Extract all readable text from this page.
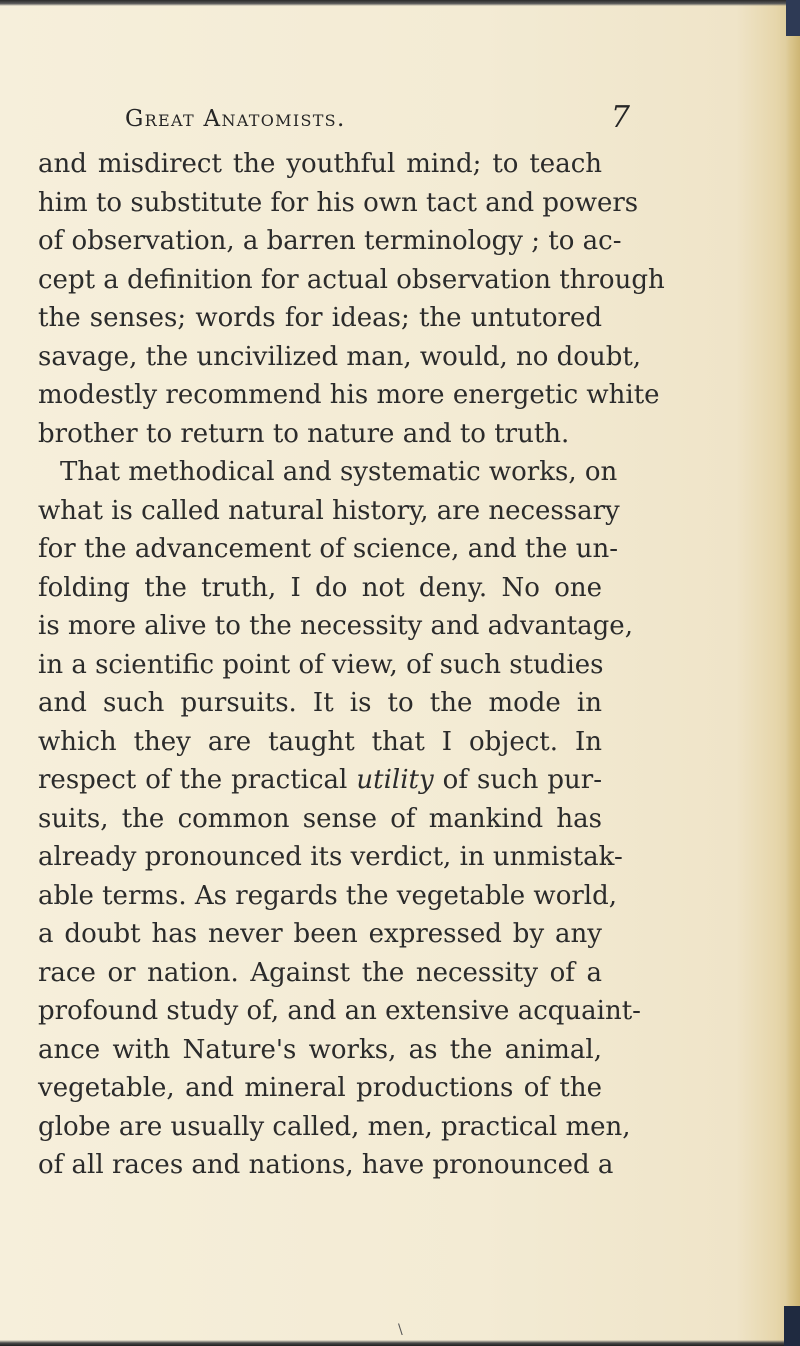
Great Anatomists.	7
and misdirect the youthful mind; to teach
him to substitute for his own tact and powers
of observation, a barren terminology ; to ac-
cept a definition for actual observation through
the senses; words for ideas; the untutored
savage, the uncivilized man, would, no doubt,
modestly recommend his more energetic white
brother to return to nature and to truth.
That methodical and systematic works, on
what is called natural history, are necessary
for the advancement of science, and the un-
folding the truth, I do not deny. No one
is more alive to the necessity and advantage,
in a scientific point of view, of such studies
and such pursuits. It is to the mode in
which they are taught that I object. In
respect of the practical utility of such pur-
suits, the common sense of mankind has
already pronounced its verdict, in unmistak-
able terms. As regards the vegetable world,
a doubt has never been expressed by any
race or nation. Against the necessity of a
profound study of, and an extensive acquaint-
ance with Nature's works, as the animal,
vegetable, and mineral productions of the
globe are usually called, men, practical men,
of all races and nations, have pronounced a
\
